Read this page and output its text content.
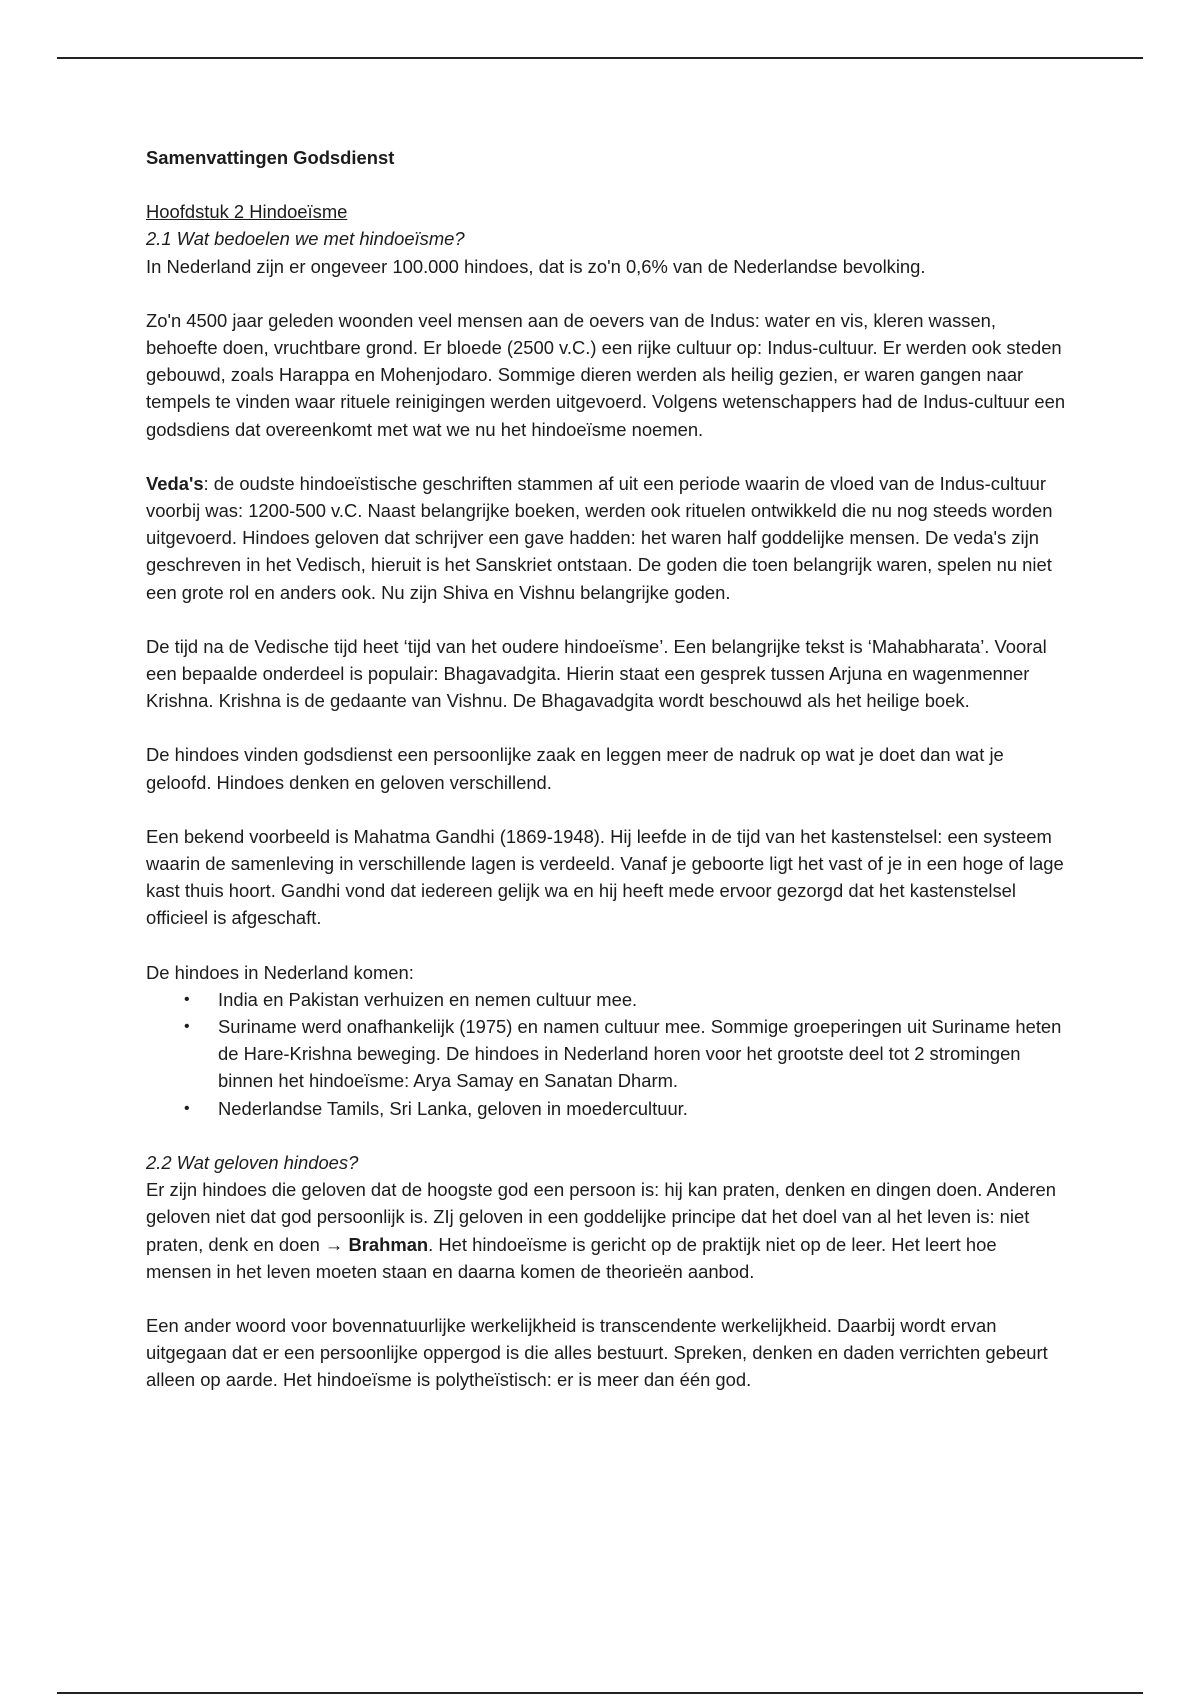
Samenvattingen Godsdienst

Hoofdstuk 2 Hindoeïsme

2.1 Wat bedoelen we met hindoeïsme?

In Nederland zijn er ongeveer 100.000 hindoes, dat is zo'n 0,6% van de Nederlandse bevolking.

Zo'n 4500 jaar geleden woonden veel mensen aan de oevers van de Indus: water en vis, kleren wassen, behoefte doen, vruchtbare grond. Er bloede (2500 v.C.) een rijke cultuur op: Indus-cultuur. Er werden ook steden gebouwd, zoals Harappa en Mohenjodaro. Sommige dieren werden als heilig gezien, er waren gangen naar tempels te vinden waar rituele reinigingen werden uitgevoerd. Volgens wetenschappers had de Indus-cultuur een godsdiens dat overeenkomt met wat we nu het hindoeïsme noemen.

Veda's: de oudste hindoeïstische geschriften stammen af uit een periode waarin de vloed van de Indus-cultuur voorbij was: 1200-500 v.C. Naast belangrijke boeken, werden ook rituelen ontwikkeld die nu nog steeds worden uitgevoerd. Hindoes geloven dat schrijver een gave hadden: het waren half goddelijke mensen. De veda's zijn geschreven in het Vedisch, hieruit is het Sanskriet ontstaan. De goden die toen belangrijk waren, spelen nu niet een grote rol en anders ook. Nu zijn Shiva en Vishnu belangrijke goden.

De tijd na de Vedische tijd heet ‘tijd van het oudere hindoeïsme’. Een belangrijke tekst is ‘Mahabharata’. Vooral een bepaalde onderdeel is populair: Bhagavadgita. Hierin staat een gesprek tussen Arjuna en wagenmenner Krishna. Krishna is de gedaante van Vishnu. De Bhagavadgita wordt beschouwd als het heilige boek.

De hindoes vinden godsdienst een persoonlijke zaak en leggen meer de nadruk op wat je doet dan wat je geloofd. Hindoes denken en geloven verschillend.

Een bekend voorbeeld is Mahatma Gandhi (1869-1948). Hij leefde in de tijd van het kastenstelsel: een systeem waarin de samenleving in verschillende lagen is verdeeld. Vanaf je geboorte ligt het vast of je in een hoge of lage kast thuis hoort. Gandhi vond dat iedereen gelijk wa en hij heeft mede ervoor gezorgd dat het kastenstelsel officieel is afgeschaft.

De hindoes in Nederland komen:

• India en Pakistan verhuizen en nemen cultuur mee.
• Suriname werd onafhankelijk (1975) en namen cultuur mee. Sommige groeperingen uit Suriname heten de Hare-Krishna beweging. De hindoes in Nederland horen voor het grootste deel tot 2 stromingen binnen het hindoeïsme: Arya Samay en Sanatan Dharm.
• Nederlandse Tamils, Sri Lanka, geloven in moedercultuur.

2.2 Wat geloven hindoes?

Er zijn hindoes die geloven dat de hoogste god een persoon is: hij kan praten, denken en dingen doen. Anderen geloven niet dat god persoonlijk is. ZIj geloven in een goddelijke principe dat het doel van al het leven is: niet praten, denk en doen → Brahman. Het hindoeïsme is gericht op de praktijk niet op de leer. Het leert hoe mensen in het leven moeten staan en daarna komen de theorieën aanbod.

Een ander woord voor bovennatuurlijke werkelijkheid is transcendente werkelijkheid. Daarbij wordt ervan uitgegaan dat er een persoonlijke oppergod is die alles bestuurt. Spreken, denken en daden verrichten gebeurt alleen op aarde. Het hindoeïsme is polytheïstisch: er is meer dan één god.
